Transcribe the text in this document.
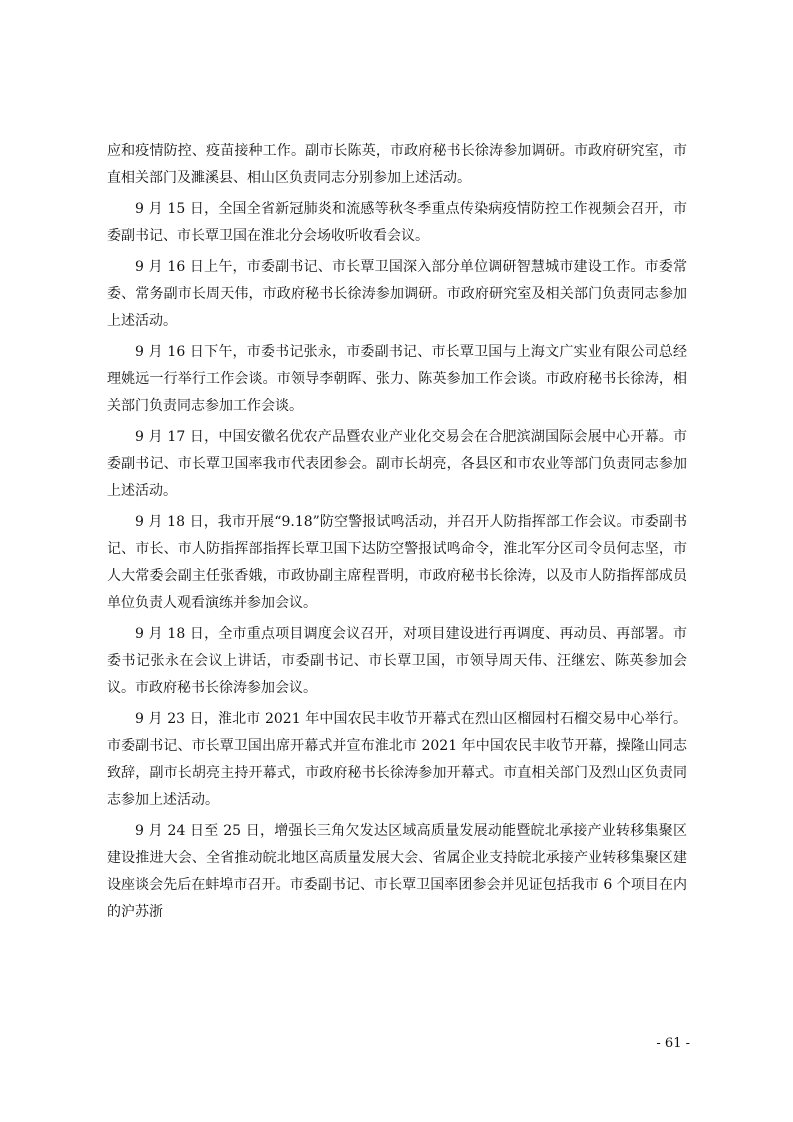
应和疫情防控、疫苗接种工作。副市长陈英，市政府秘书长徐涛参加调研。市政府研究室，市直相关部门及濉溪县、相山区负责同志分别参加上述活动。

9 月 15 日，全国全省新冠肺炎和流感等秋冬季重点传染病疫情防控工作视频会召开，市委副书记、市长覃卫国在淮北分会场收听收看会议。

9 月 16 日上午，市委副书记、市长覃卫国深入部分单位调研智慧城市建设工作。市委常委、常务副市长周天伟，市政府秘书长徐涛参加调研。市政府研究室及相关部门负责同志参加上述活动。

9 月 16 日下午，市委书记张永，市委副书记、市长覃卫国与上海文广实业有限公司总经理姚远一行举行工作会谈。市领导李朝晖、张力、陈英参加工作会谈。市政府秘书长徐涛，相关部门负责同志参加工作会谈。

9 月 17 日，中国安徽名优农产品暨农业产业化交易会在合肥滨湖国际会展中心开幕。市委副书记、市长覃卫国率我市代表团参会。副市长胡亮，各县区和市农业等部门负责同志参加上述活动。

9 月 18 日，我市开展“9.18”防空警报试鸣活动，并召开人防指挥部工作会议。市委副书记、市长、市人防指挥部指挥长覃卫国下达防空警报试鸣命令，淮北军分区司令员何志坚，市人大常委会副主任张香娥，市政协副主席程晋明，市政府秘书长徐涛，以及市人防指挥部成员单位负责人观看演练并参加会议。

9 月 18 日，全市重点项目调度会议召开，对项目建设进行再调度、再动员、再部署。市委书记张永在会议上讲话，市委副书记、市长覃卫国，市领导周天伟、汪继宏、陈英参加会议。市政府秘书长徐涛参加会议。

9 月 23 日，淮北市 2021 年中国农民丰收节开幕式在烈山区榴园村石榴交易中心举行。市委副书记、市长覃卫国出席开幕式并宣布淮北市 2021 年中国农民丰收节开幕，操隆山同志致辞，副市长胡亮主持开幕式，市政府秘书长徐涛参加开幕式。市直相关部门及烈山区负责同志参加上述活动。

9 月 24 日至 25 日，增强长三角欠发达区域高质量发展动能暨皖北承接产业转移集聚区建设推进大会、全省推动皖北地区高质量发展大会、省属企业支持皖北承接产业转移集聚区建设座谈会先后在蚌埠市召开。市委副书记、市长覃卫国率团参会并见证包括我市 6 个项目在内的沪苏浙

- 61 -
